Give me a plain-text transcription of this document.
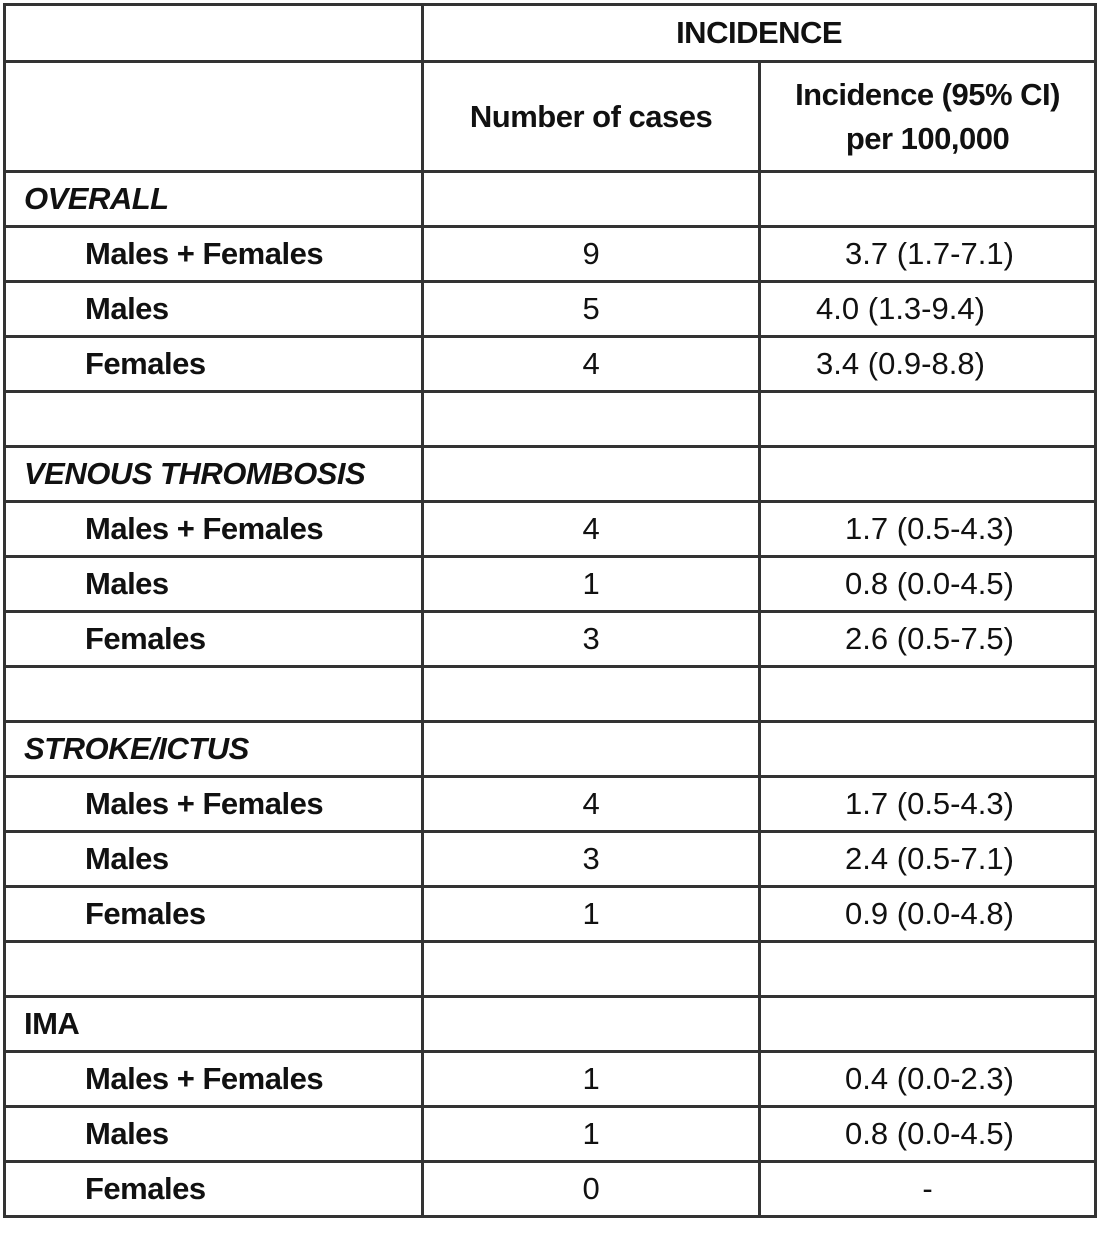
	INCIDENCE	
	Number of cases	Incidence (95% CI)
per 100,000
OVERALL		
Males + Females	9	3.7 (1.7-7.1)
Males	5	4.0 (1.3-9.4)
Females	4	3.4 (0.9-8.8)

VENOUS THROMBOSIS		
Males + Females	4	1.7 (0.5-4.3)
Males	1	0.8 (0.0-4.5)
Females	3	2.6 (0.5-7.5)

STROKE/ICTUS		
Males + Females	4	1.7 (0.5-4.3)
Males	3	2.4 (0.5-7.1)
Females	1	0.9 (0.0-4.8)

IMA		
Males + Females	1	0.4 (0.0-2.3)
Males	1	0.8 (0.0-4.5)
Females	0	-
